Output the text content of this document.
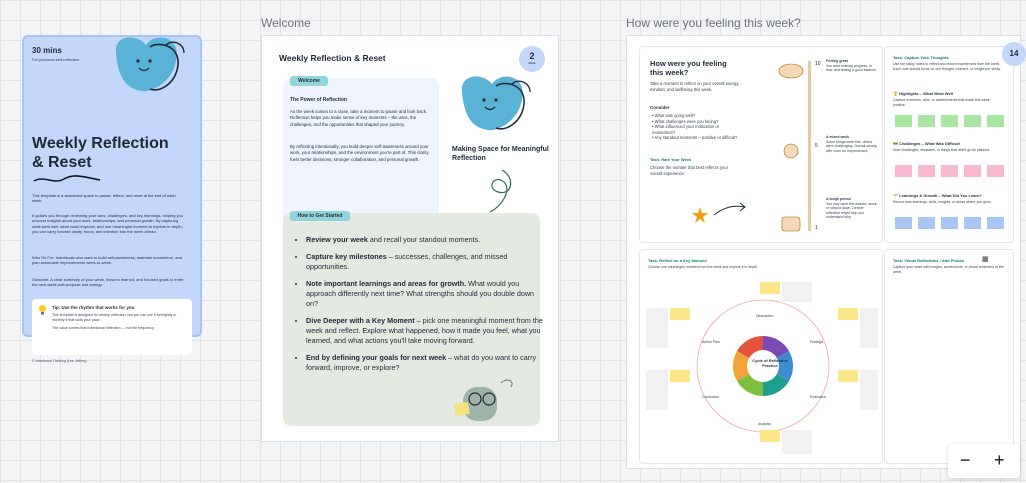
Welcome	How were you feeling this week?
30 mins
For personal self-reflection
Weekly Reflection & Reset
This template is a structured space to pause, reflect, and reset at the end of each week.
It guides you through reviewing your wins, challenges, and key learnings, helping you uncover insights about your work, relationships, and personal growth. By capturing what went well, what could improve, and one meaningful moment to explore in depth, you can carry forward clarity, focus, and intention into the week ahead.
Who It's For: Individuals who want to build self-awareness, maintain momentum, and plan actionable improvements week-to-week.
Outcome: A clear summary of your week, lessons learned, and focused goals to enter the next week with purpose and energy.
Tip: Use the rhythm that works for you
This template is designed for weekly reflection, but you can use it fortnightly or monthly if that suits your pace.
The value comes from intentional reflection — not the frequency.
© Intentional Thinking (Lee Jeffery)
Weekly Reflection & Reset	2
mins
Welcome
The Power of Reflection
As the week comes to a close, take a moment to pause and look back. Reflection helps you make sense of key moments – the wins, the challenges, and the opportunities that shaped your journey.
By reflecting intentionally, you build deeper self-awareness around your work, your relationships, and the environment you're part of. This clarity fuels better decisions, stronger collaboration, and personal growth.
Making Space for Meaningful Reflection
How to Get Started
• Review your week and recall your standout moments.
• Capture key milestones – successes, challenges, and missed opportunities.
• Note important learnings and areas for growth. What would you approach differently next time? What strengths should you double down on?
• Dive Deeper with a Key Moment – pick one meaningful moment from the week and reflect. Explore what happened, how it made you feel, what you learned, and what actions you'll take moving forward.
• End by defining your goals for next week – what do you want to carry forward, improve, or explore?
How were you feeling this week?
Take a moment to reflect on your overall energy, mindset, and wellbeing this week.
Consider
• What was going well?
• What challenges were you facing?
• What influenced your motivation or momentum?
• Any standout moments – positive or difficult?
Task: Rate Your Week
Choose the number that best reflects your overall experience
10
5
1
Feeling great
You were making progress, in flow, and feeling a good balance.
A mixed week
Some things were fine, others were challenging. Overall steady, with room for improvement.
A tough period
You may have felt drained, stuck, or slowed down. Deeper reflection might help you understand why.
Task: Capture Your Thoughts
Use the sticky notes to reflect and record experiences from the week. Each note should focus on one thought, moment, or insight per sticky.
🏆 Highlights – What Went Well
Capture moments, wins, or achievements that made this week positive.
🚧 Challenges – What Was Difficult
Note challenges, obstacles, or things that didn't go as planned.
🌱 Learnings & Growth – What Did You Learn?
Record new learnings, skills, insights, or areas where you grew.
14
Task: Reflect on a Key Moment
Choose one meaningful moment from the week and explore it in depth.
Cycle of Reflective Practice
Description
Feelings
Evaluation
Analysis
Conclusion
Action Plan
Task: Visual Reflections / Add Photos
Capture your week with images, screenshots, or visual reminders of the week.
▦
− +
